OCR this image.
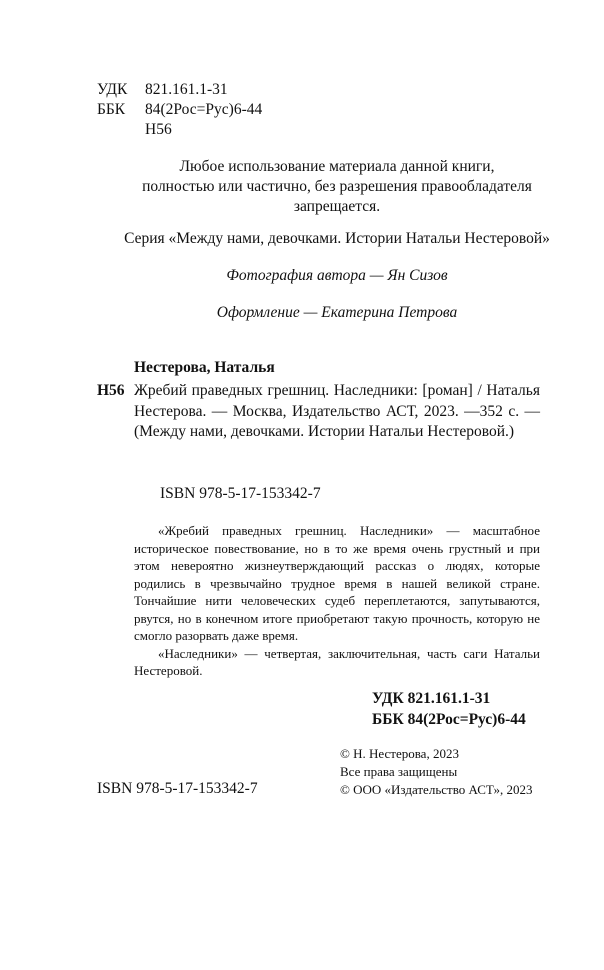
УДК	821.161.1-31
ББК	84(2Рос=Рус)6-44
Н56
Любое использование материала данной книги,
полностью или частично, без разрешения правообладателя
запрещается.
Серия «Между нами, девочками. Истории Натальи Нестеровой»
Фотография автора — Ян Сизов
Оформление — Екатерина Петрова
Нестерова, Наталья
Н56 Жребий праведных грешниц. Наследники: [роман] / Наталья Нестерова. — Москва, Издательство АСТ, 2023. —352 с. — (Между нами, девочками. Истории Натальи Нестеровой.)
ISBN 978-5-17-153342-7

«Жребий праведных грешниц. Наследники» — масштабное историческое повествование, но в то же время очень грустный и при этом невероятно жизнеутверждающий рассказ о людях, которые родились в чрезвычайно трудное время в нашей великой стране. Тончайшие нити человеческих судеб переплетаются, запутываются, рвутся, но в конечном итоге приобретают такую прочность, которую не смогло разорвать даже время.

«Наследники» — четвертая, заключительная, часть саги Натальи Нестеровой.

УДК 821.161.1-31
ББК 84(2Рос=Рус)6-44
© Н. Нестерова, 2023
Все права защищены
© ООО «Издательство АСТ», 2023
ISBN 978-5-17-153342-7
